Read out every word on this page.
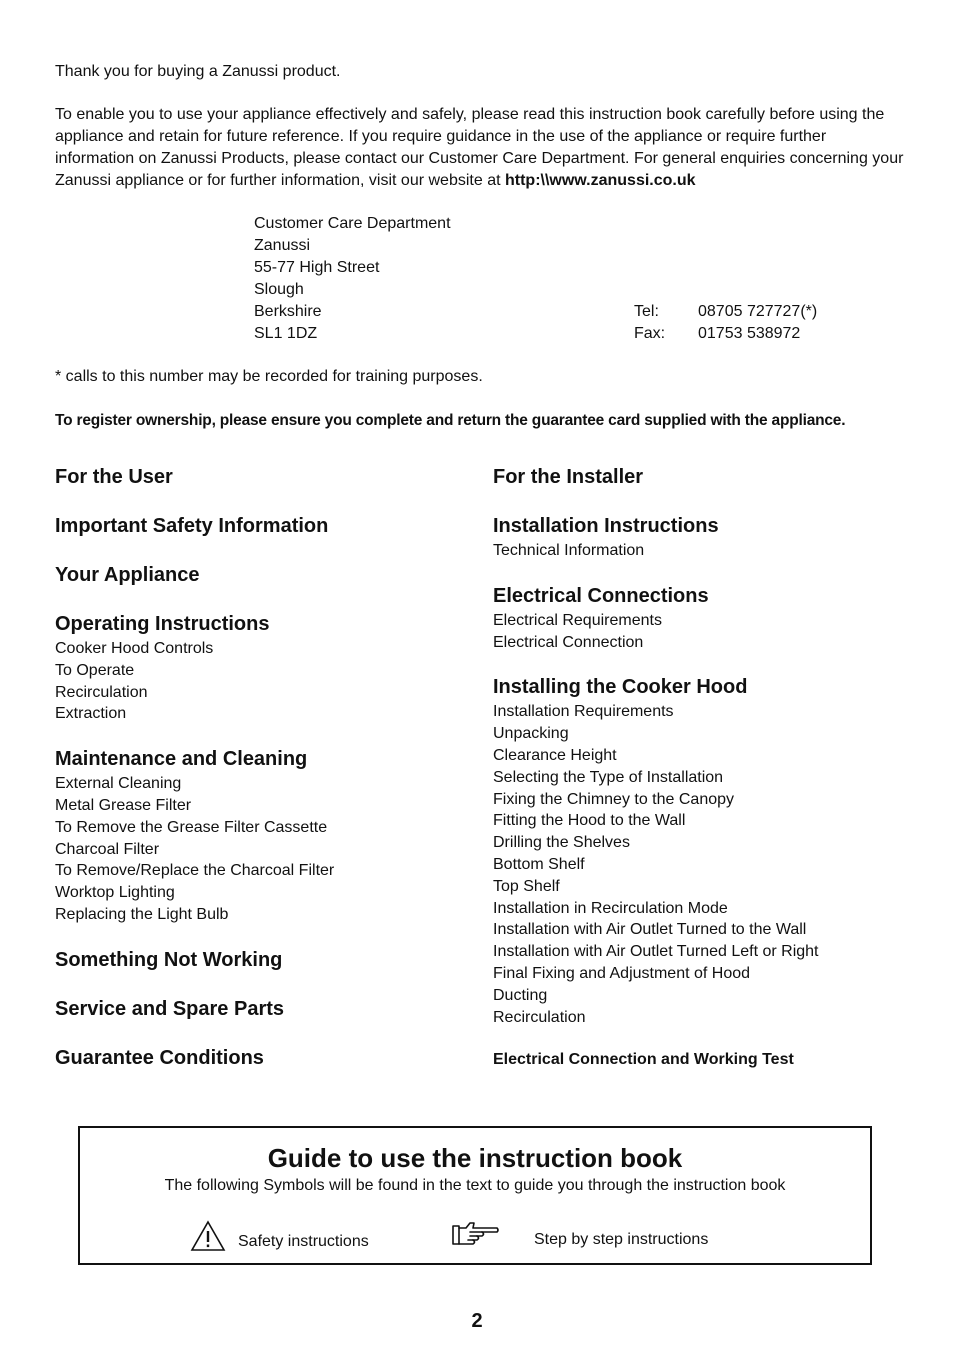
Thank you for buying a Zanussi product.

To enable you to use your appliance effectively and safely, please read this instruction book carefully before using the appliance and retain for future reference. If you require guidance in the use of the appliance or require further information on Zanussi Products, please contact our Customer Care Department. For general enquiries concerning your Zanussi appliance or for further information, visit our website at http:\\www.zanussi.co.uk

Customer Care Department
Zanussi
55-77 High Street
Slough
Berkshire
SL1 1DZ
Tel:	08705 727727(*)
Fax:	01753 538972

* calls to this number may be recorded for training purposes.

To register ownership, please ensure you complete and return the guarantee card supplied with the appliance.

For the User
Important Safety Information
Your Appliance
Operating Instructions
Cooker Hood Controls
To Operate
Recirculation
Extraction
Maintenance and Cleaning
External Cleaning
Metal Grease Filter
To Remove the Grease Filter Cassette
Charcoal Filter
To Remove/Replace the Charcoal Filter
Worktop Lighting
Replacing the Light Bulb
Something Not Working
Service and Spare Parts
Guarantee Conditions
For the Installer
Installation Instructions
Technical Information
Electrical Connections
Electrical Requirements
Electrical Connection
Installing the Cooker Hood
Installation Requirements
Unpacking
Clearance Height
Selecting the Type of Installation
Fixing the Chimney to the Canopy
Fitting the Hood to the Wall
Drilling the Shelves
Bottom Shelf
Top Shelf
Installation in Recirculation Mode
Installation with Air Outlet Turned to the Wall
Installation with Air Outlet Turned Left or Right
Final Fixing and Adjustment of Hood
Ducting
Recirculation
Electrical Connection and Working Test
Guide to use the instruction book
The following Symbols will be found in the text to guide you through the instruction book
Safety instructions	Step by step instructions
2
